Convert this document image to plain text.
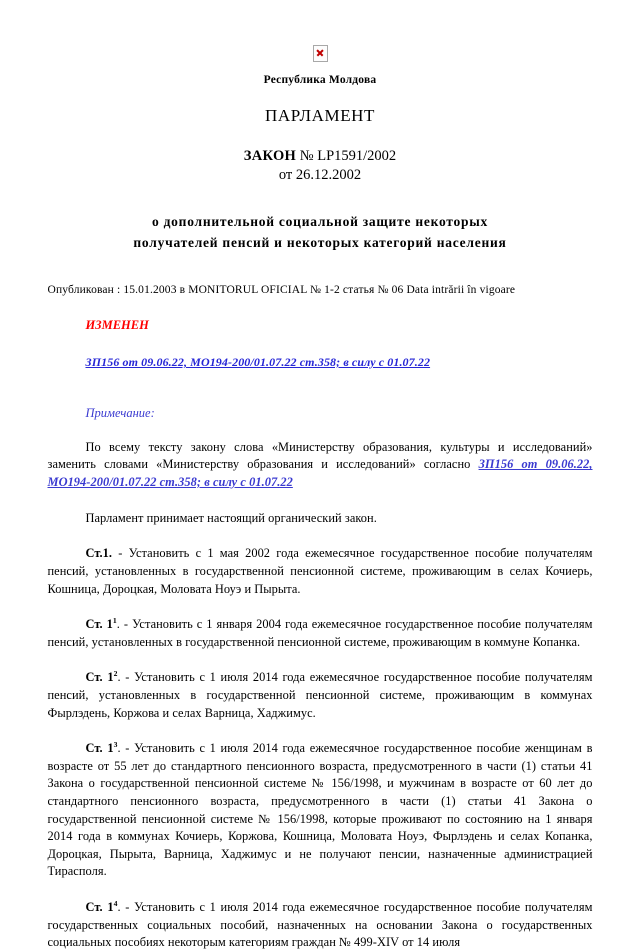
Республика Молдова
ПАРЛАМЕНТ
ЗАКОН № LP1591/2002
от 26.12.2002
о дополнительной социальной защите некоторых
получателей пенсий и некоторых категорий населения
Опубликован : 15.01.2003 в MONITORUL OFICIAL № 1-2 статья № 06 Data intrării în vigoare
ИЗМЕНЕН
ЗП156 от 09.06.22, MO194-200/01.07.22 ст.358; в силу с 01.07.22
Примечание:

По всему тексту закону слова «Министерству образования, культуры и исследований» заменить словами «Министерству образования и исследований» согласно ЗП156 от 09.06.22, MO194-200/01.07.22 ст.358; в силу с 01.07.22

Парламент принимает настоящий органический закон.

Ст.1. - Установить с 1 мая 2002 года ежемесячное государственное пособие получателям пенсий, установленных в государственной пенсионной системе, проживающим в селах Кочиерь, Кошница, Дороцкая, Моловата Ноуэ и Пырыта.

Ст. $1^1$. - Установить с 1 января 2004 года ежемесячное государственное пособие получателям пенсий, установленных в государственной пенсионной системе, проживающим в коммуне Копанка.

Ст. $1^2$. - Установить с 1 июля 2014 года ежемесячное государственное пособие получателям пенсий, установленных в государственной пенсионной системе, проживающим в коммунах Фырлэдень, Коржова и селах Варница, Хаджимус.

Ст. $1^3$. - Установить с 1 июля 2014 года ежемесячное государственное пособие женщинам в возрасте от 55 лет до стандартного пенсионного возраста, предусмотренного в части (1) статьи 41 Закона о государственной пенсионной системе № 156/1998, и мужчинам в возрасте от 60 лет до стандартного пенсионного возраста, предусмотренного в части (1) статьи 41 Закона о государственной пенсионной системе № 156/1998, которые проживают по состоянию на 1 января 2014 года в коммунах Кочиерь, Коржова, Кошница, Моловата Ноуэ, Фырлэдень и селах Копанка, Дороцкая, Пырыта, Варница, Хаджимус и не получают пенсии, назначенные администрацией Тирасполя.

Ст. $1^4$. - Установить с 1 июля 2014 года ежемесячное государственное пособие получателям государственных социальных пособий, назначенных на основании Закона о государственных социальных пособиях некоторым категориям граждан № 499-XIV от 14 июля
